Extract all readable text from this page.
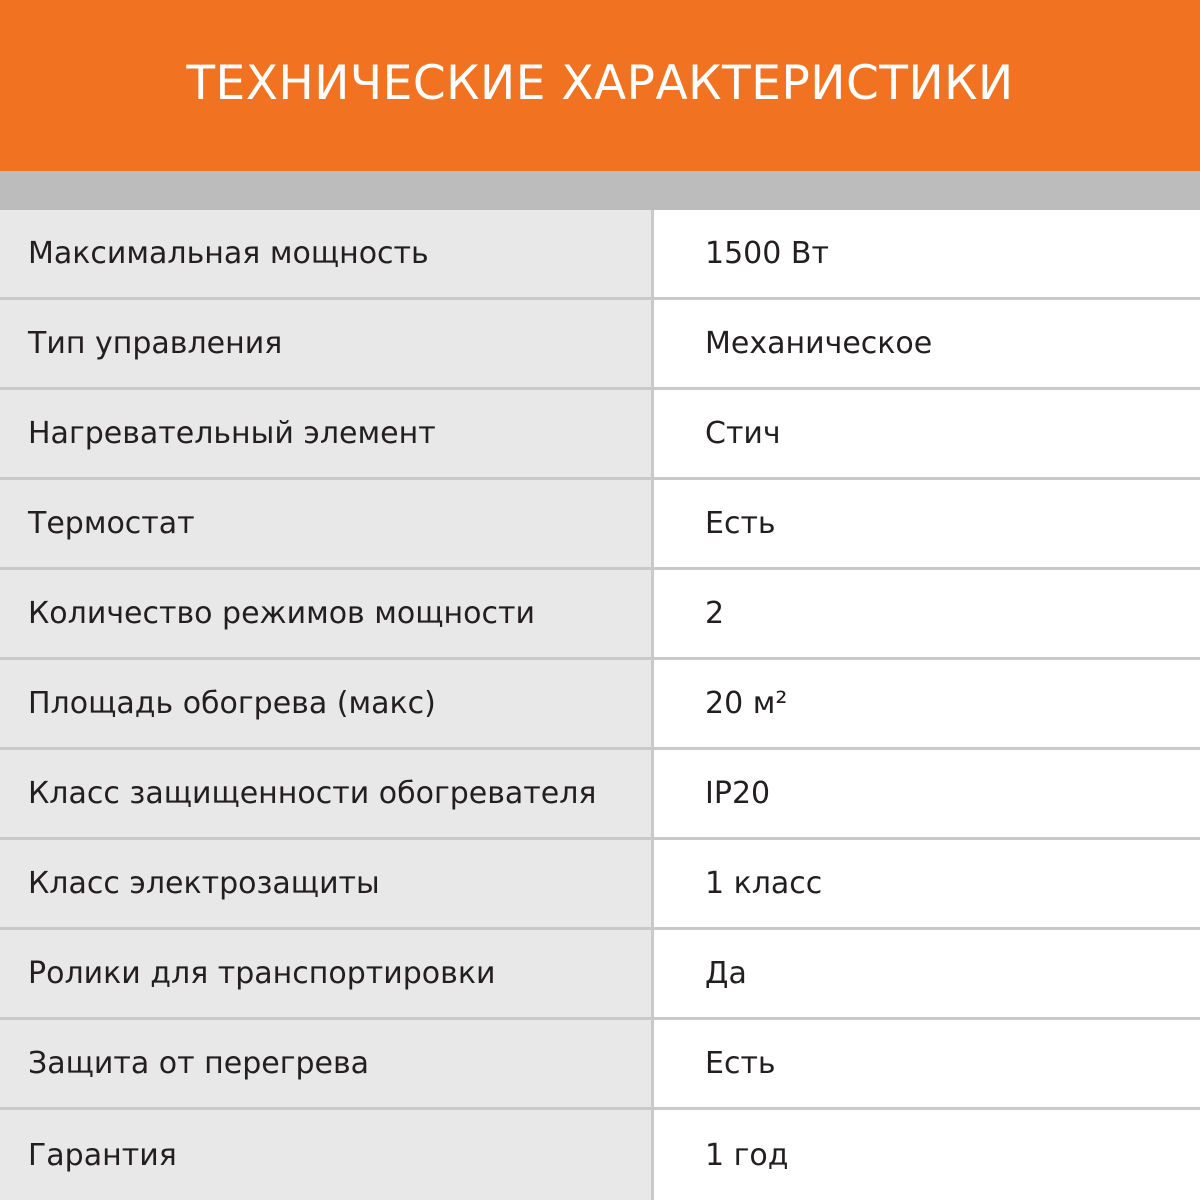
ТЕХНИЧЕСКИЕ ХАРАКТЕРИСТИКИ
Максимальная мощность	1500 Вт
Тип управления	Механическое
Нагревательный элемент	Стич
Термостат	Есть
Количество режимов мощности	2
Площадь обогрева (макс)	20 м²
Класс защищенности обогревателя	IP20
Класс электрозащиты	1 класс
Ролики для транспортировки	Да
Защита от перегрева	Есть
Гарантия	1 год
